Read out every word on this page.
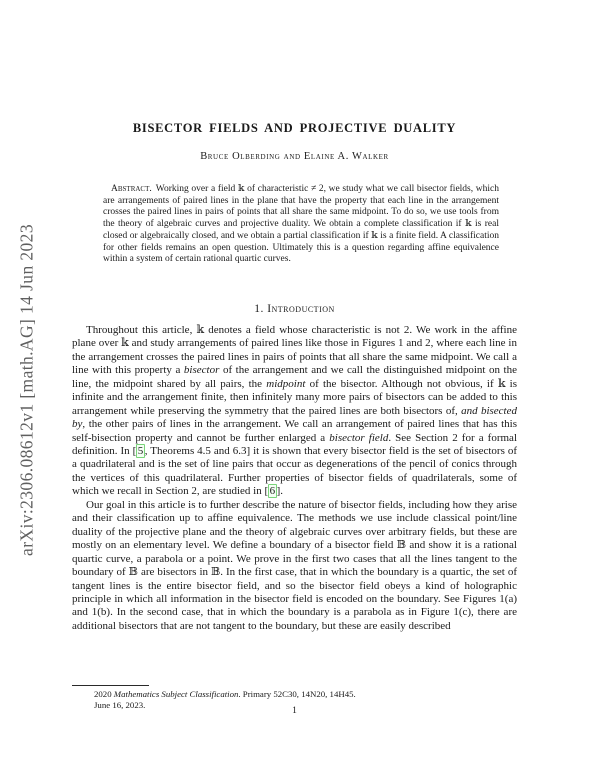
arXiv:2306.08612v1 [math.AG] 14 Jun 2023
BISECTOR FIELDS AND PROJECTIVE DUALITY
Bruce Olberding and Elaine A. Walker
Abstract. Working over a field 𝕜 of characteristic ≠ 2, we study what we call bisector fields, which are arrangements of paired lines in the plane that have the property that each line in the arrangement crosses the paired lines in pairs of points that all share the same midpoint. To do so, we use tools from the theory of algebraic curves and projective duality. We obtain a complete classification if 𝕜 is real closed or algebraically closed, and we obtain a partial classification if 𝕜 is a finite field. A classification for other fields remains an open question. Ultimately this is a question regarding affine equivalence within a system of certain rational quartic curves.
1. Introduction

Throughout this article, 𝕜 denotes a field whose characteristic is not 2. We work in the affine plane over 𝕜 and study arrangements of paired lines like those in Figures 1 and 2, where each line in the arrangement crosses the paired lines in pairs of points that all share the same midpoint. We call a line with this property a bisector of the arrangement and we call the distinguished midpoint on the line, the midpoint shared by all pairs, the midpoint of the bisector. Although not obvious, if 𝕜 is infinite and the arrangement finite, then infinitely many more pairs of bisectors can be added to this arrangement while preserving the symmetry that the paired lines are both bisectors of, and bisected by, the other pairs of lines in the arrangement. We call an arrangement of paired lines that has this self-bisection property and cannot be further enlarged a bisector field. See Section 2 for a formal definition. In [ 5 , Theorems 4.5 and 6.3] it is shown that every bisector field is the set of bisectors of a quadrilateral and is the set of line pairs that occur as degenerations of the pencil of conics through the vertices of this quadrilateral. Further properties of bisector fields of quadrilaterals, some of which we recall in Section 2, are studied in [ 6 ].

Our goal in this article is to further describe the nature of bisector fields, including how they arise and their classification up to affine equivalence. The methods we use include classical point/line duality of the projective plane and the theory of algebraic curves over arbitrary fields, but these are mostly on an elementary level. We define a boundary of a bisector field 𝔹 and show it is a rational quartic curve, a parabola or a point. We prove in the first two cases that all the lines tangent to the boundary of 𝔹 are bisectors in 𝔹. In the first case, that in which the boundary is a quartic, the set of tangent lines is the entire bisector field, and so the bisector field obeys a kind of holographic principle in which all information in the bisector field is encoded on the boundary. See Figures 1(a) and 1(b). In the second case, that in which the boundary is a parabola as in Figure 1(c), there are additional bisectors that are not tangent to the boundary, but these are easily described

2020 Mathematics Subject Classification. Primary 52C30, 14N20, 14H45.
June 16, 2023.
1
